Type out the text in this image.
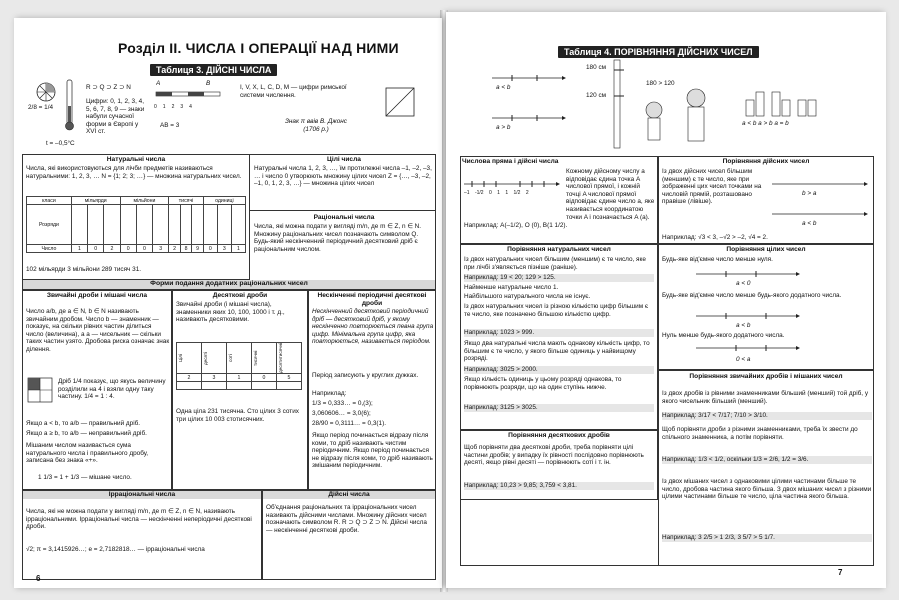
Розділ ІІ. ЧИСЛА І ОПЕРАЦІЇ НАД НИМИ
Таблиця 3. ДІЙСНІ ЧИСЛА
2/8 = 1/4
t = –0,5°C
R ⊃ Q ⊃ Z ⊃ N
Цифри: 0, 1, 2, 3, 4, 5, 6, 7, 8, 9 — знаки набули сучасної форми в Європі у XVI ст.
A	B
01234
AB = 3
I, V, X, L, C, D, M — цифри римської системи числення.
Знак π ввів В. Джонс (1706 р.)
Натуральні числа
Числа, які використовуються для лічби предметів називаються натуральними: 1, 2, 3, … N = {1; 2; 3; …} — множина натуральних чисел.
класи	мільярди			мільйони			тисячі			одиниці		
Розряди												
Число	1	0	2	0	0	3	2	8	9	0	3	1
102 мільярди 3 мільйони 289 тисяч 31.
Цілі числа
Натуральні числа 1, 2, 3, …, їм протилежні числа –1, –2, –3, … і число 0 утворюють множину цілих чисел Z = {…, –3, –2, –1, 0, 1, 2, 3, …} — множина цілих чисел
Раціональні числа
Числа, які можна подати у вигляді m/n, де m ∈ Z, n ∈ N. Множину раціональних чисел позначають символом Q. Будь-який нескінченний періодичний десятковий дріб є раціональним числом.
Форми подання додатних раціональних чисел
Звичайні дроби і мішані числа
Число a/b, де a ∈ N, b ∈ N називають звичайним дробом. Число b — знаменник — показує, на скільки рівних частин ділиться число (величина), а a — чисельник — скільки таких частин узято. Дробова риска означає знак ділення.
Дріб 1/4 показує, що якусь величину розділили на 4 і взяли одну таку частину. 1/4 = 1 : 4.
Якщо a < b, то a/b — правильний дріб.
Якщо a ≥ b, то a/b — неправильний дріб.
Мішаним числом називається сума натурального числа і правильного дробу, записана без знака «+».
1 1/3 = 1 + 1/3 — мішане число.
Десяткові дроби
Звичайні дроби (і мішані числа), знаменники яких 10, 100, 1000 і т. д., називають десятковими.
Цілі	десяті	соті	тисячні	десятитисячні

2	3	1	0	5

Одна ціла 231 тисячна. Сто цілих 3 сотих три цілих 10 003 стотисячних.
Нескінченні періодичні десяткові дроби
Нескінченний десятковий періодичний дріб — десятковий дріб, у якому нескінченно повторюється певна група цифр. Мінімальна група цифр, яка повторюється, називається періодом.
Період записують у круглих дужках.
Наприклад:
1/3 = 0,333… = 0,(3);
3,060606… = 3,0(6);
28/90 = 0,3111… = 0,3(1).
Якщо період починається відразу після коми, то дріб називають чистим періодичним. Якщо період починається не відразу після коми, то дріб називають змішаним періодичним.
Ірраціональні числа
Числа, які не можна подати у вигляді m/n, де m ∈ Z, n ∈ N, називають ірраціональними. Ірраціональні числа — нескінченні неперіодичні десяткові дроби.
√2; π = 3,1415926…; e = 2,7182818… — ірраціональні числа
Дійсні числа
Об'єднання раціональних та ірраціональних чисел називають дійсними числами. Множину дійсних чисел позначають символом R. R ⊃ Q ⊃ Z ⊃ N. Дійсні числа — нескінченні десяткові дроби.
6
Таблиця 4. ПОРІВНЯННЯ ДІЙСНИХ ЧИСЕЛ
a < b
a > b
180 см
120 см
180 > 120
a < b a > b a = b
Числова пряма і дійсні числа
–1 -1/2 0 1 1 1/2 2
Кожному дійсному числу a відповідає єдина точка A числової прямої, і кожній точці A числової прямої відповідає єдине число a, яке називається координатою точки A і позначається A (a).
Наприклад: A(–1/2), O (0), B(1 1/2).
Порівняння дійсних чисел
Із двох дійсних чисел більшим (меншим) є те число, яке при зображенні цих чисел точками на числовій прямій, розташовано правіше (лівіше).
b > a
a < b
Наприклад: √3 < 3, –√2 > –2, √4 = 2.
Порівняння натуральних чисел
Із двох натуральних чисел більшим (меншим) є те число, яке при лічбі з'являється пізніше (раніше).
Наприклад: 19 < 20; 129 > 125.
Найменше натуральне число 1.
Найбільшого натурального числа не існує.
Із двох натуральних чисел із різною кількістю цифр більшим є те число, яке позначено більшою кількістю цифр.
Наприклад: 1023 > 999.
Якщо два натуральні числа мають однакову кількість цифр, то більшим є те число, у якого більше одиниць у найвищому розряді.
Наприклад: 3025 > 2000.
Якщо кількість одиниць у цьому розряді однакова, то порівнюють розряди, що на один ступінь нижче.
Наприклад: 3125 > 3025.
Порівняння цілих чисел
Будь-яке від'ємне число менше нуля.
a < 0
Будь-яке від'ємне число менше будь-якого додатного числа.
a < b
Нуль менше будь-якого додатного числа.
0 < a
Порівняння звичайних дробів і мішаних чисел
Із двох дробів із рівними знаменниками більший (менший) той дріб, у якого чисельник більший (менший).
Наприклад: 3/17 < 7/17; 7/10 > 3/10.
Щоб порівняти дроби з різними знаменниками, треба їх звести до спільного знаменника, а потім порівняти.
Наприклад: 1/3 < 1/2, оскільки 1/3 = 2/6, 1/2 = 3/6.
Із двох мішаних чисел з однаковими цілими частинами більше те число, дробова частина якого більша. З двох мішаних чисел з різними цілими частинами більше те число, ціла частина якого більша.
Наприклад: 3 2/5 > 1 2/3, 3 5/7 > 5 1/7.
Порівняння десяткових дробів
Щоб порівняти два десяткові дроби, треба порівняти цілі частини дробів; у випадку їх рівності послідовно порівнюють десяті, якщо рівні десяті — порівнюють соті і т. ін.
Наприклад: 10,23 > 9,85; 3,759 < 3,81.
7
